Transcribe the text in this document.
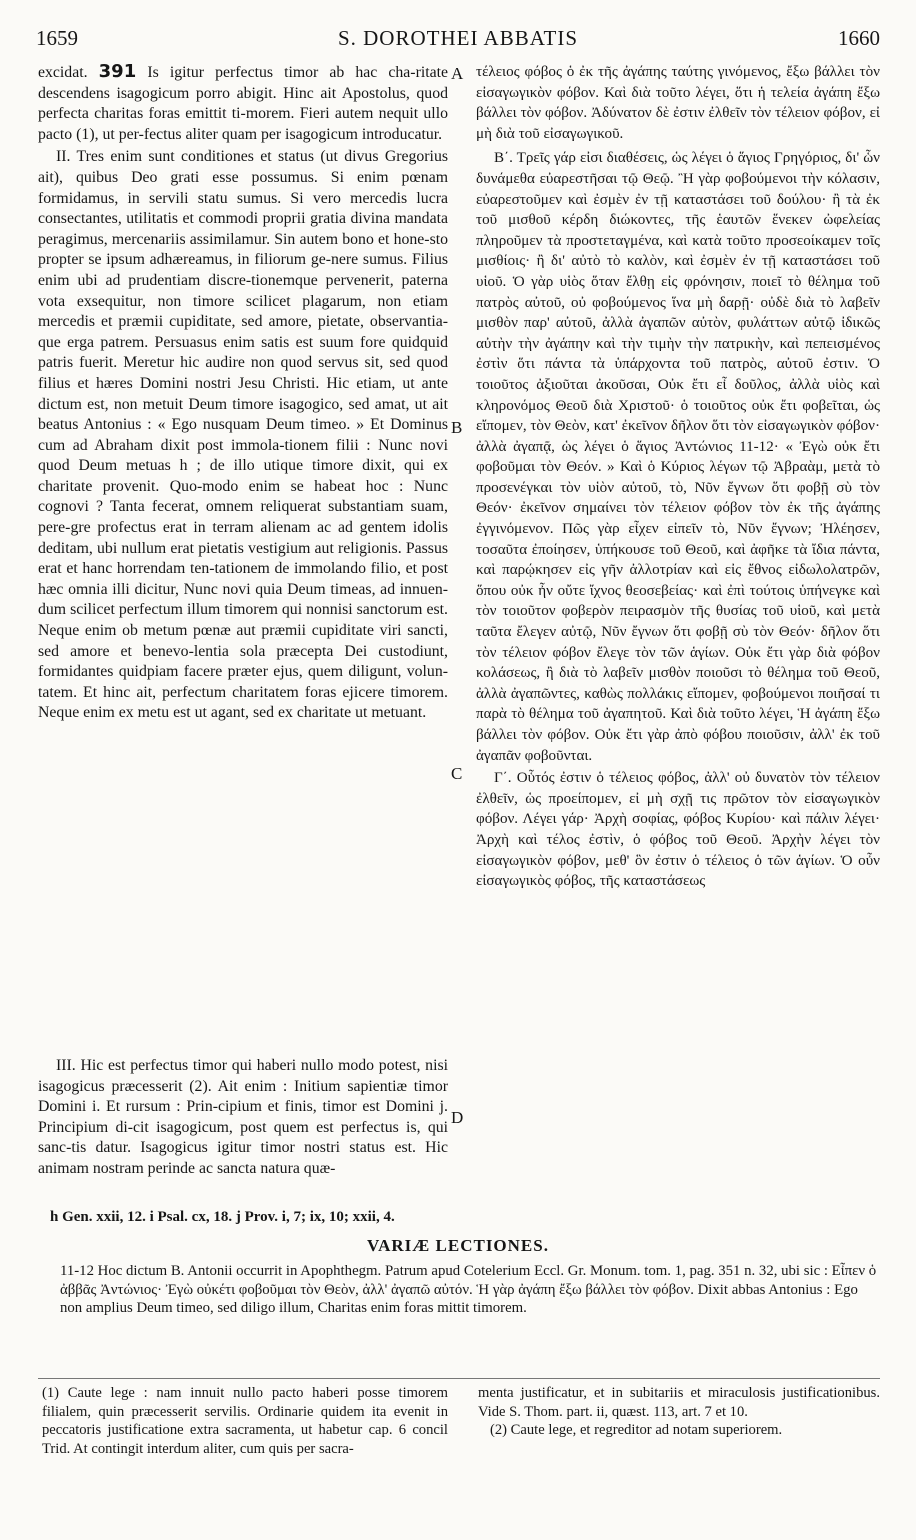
1659	S. DOROTHEI ABBATIS	1660
A
B
C
D

excidat. 391 Is igitur perfectus timor ab hac cha-ritate descendens isagogicum porro abigit. Hinc ait Apostolus, quod perfecta charitas foras emittit ti-morem. Fieri autem nequit ullo pacto (1), ut per-fectus aliter quam per isagogicum introducatur.

II. Tres enim sunt conditiones et status (ut divus Gregorius ait), quibus Deo grati esse possumus. Si enim pœnam formidamus, in servili statu sumus. Si vero mercedis lucra consectantes, utilitatis et commodi proprii gratia divina mandata peragimus, mercenariis assimilamur. Sin autem bono et hone-sto propter se ipsum adhæreamus, in filiorum ge-nere sumus. Filius enim ubi ad prudentiam discre-tionemque pervenerit, paterna vota exsequitur, non timore scilicet plagarum, non etiam mercedis et præmii cupiditate, sed amore, pietate, observantia-que erga patrem. Persuasus enim satis est suum fore quidquid patris fuerit. Meretur hic audire non quod servus sit, sed quod filius et hæres Domini nostri Jesu Christi. Hic etiam, ut ante dictum est, non metuit Deum timore isagogico, sed amat, ut ait beatus Antonius : « Ego nusquam Deum timeo. » Et Dominus cum ad Abraham dixit post immola-tionem filii : Nunc novi quod Deum metuas h ; de illo utique timore dixit, qui ex charitate provenit. Quo-modo enim se habeat hoc : Nunc cognovi ? Tanta fecerat, omnem reliquerat substantiam suam, pere-gre profectus erat in terram alienam ac ad gentem idolis deditam, ubi nullum erat pietatis vestigium aut religionis. Passus erat et hanc horrendam ten-tationem de immolando filio, et post hæc omnia illi dicitur, Nunc novi quia Deum timeas, ad innuen-dum scilicet perfectum illum timorem qui nonnisi sanctorum est. Neque enim ob metum pœnæ aut præmii cupiditate viri sancti, sed amore et benevo-lentia sola præcepta Dei custodiunt, formidantes quidpiam facere præter ejus, quem diligunt, volun-tatem. Et hinc ait, perfectum charitatem foras ejicere timorem. Neque enim ex metu est ut agant, sed ex charitate ut metuant.

III. Hic est perfectus timor qui haberi nullo modo potest, nisi isagogicus præcesserit (2). Ait enim : Initium sapientiæ timor Domini i. Et rursum : Prin-cipium et finis, timor est Domini j. Principium di-cit isagogicum, post quem est perfectus is, qui sanc-tis datur. Isagogicus igitur timor nostri status est. Hic animam nostram perinde ac sancta natura quæ-

τέλειος φόβος ὁ ἐκ τῆς ἀγάπης ταύτης γινόμενος, ἔξω βάλλει τὸν εἰσαγωγικὸν φόβον. Καὶ διὰ τοῦτο λέγει, ὅτι ἡ τελεία ἀγάπη ἔξω βάλλει τὸν φόβον. Ἀδύνατον δὲ ἐστιν ἐλθεῖν τὸν τέλειον φόβον, εἰ μὴ διὰ τοῦ εἰσαγωγικοῦ.

Β΄. Τρεῖς γάρ εἰσι διαθέσεις, ὡς λέγει ὁ ἅγιος Γρηγόριος, δι' ὧν δυνάμεθα εὐαρεστῆσαι τῷ Θεῷ. Ἢ γὰρ φοβούμενοι τὴν κόλασιν, εὐαρεστοῦμεν καὶ ἐσμὲν ἐν τῇ καταστάσει τοῦ δούλου· ἢ τὰ ἐκ τοῦ μισθοῦ κέρδη διώκοντες, τῆς ἑαυτῶν ἕνεκεν ὠφελείας πληροῦμεν τὰ προστεταγμένα, καὶ κατὰ τοῦτο προσεοίκαμεν τοῖς μισθίοις· ἢ δι' αὐτὸ τὸ καλὸν, καὶ ἐσμὲν ἐν τῇ καταστάσει τοῦ υἱοῦ. Ὁ γὰρ υἱὸς ὅταν ἔλθῃ εἰς φρόνησιν, ποιεῖ τὸ θέλημα τοῦ πατρὸς αὐτοῦ, οὐ φοβούμενος ἵνα μὴ δαρῇ· οὐδὲ διὰ τὸ λαβεῖν μισθὸν παρ' αὐτοῦ, ἀλλὰ ἀγαπῶν αὐτὸν, φυλάττων αὐτῷ ἰδικῶς αὐτὴν τὴν ἀγάπην καὶ τὴν τιμὴν τὴν πατρικὴν, καὶ πεπεισμένος ἐστὶν ὅτι πάντα τὰ ὑπάρχοντα τοῦ πατρὸς, αὐτοῦ ἐστιν. Ὁ τοιοῦτος ἀξιοῦται ἀκοῦσαι, Οὐκ ἔτι εἶ δοῦλος, ἀλλὰ υἱὸς καὶ κληρονόμος Θεοῦ διὰ Χριστοῦ· ὁ τοιοῦτος οὐκ ἔτι φοβεῖται, ὡς εἴπομεν, τὸν Θεὸν, κατ' ἐκεῖνον δῆλον ὅτι τὸν εἰσαγωγικὸν φόβον· ἀλλὰ ἀγαπᾷ, ὡς λέγει ὁ ἅγιος Ἀντώνιος 11-12· « Ἐγὼ οὐκ ἔτι φοβοῦμαι τὸν Θεόν. » Καὶ ὁ Κύριος λέγων τῷ Ἀβραὰμ, μετὰ τὸ προσενέγκαι τὸν υἱὸν αὐτοῦ, τὸ, Νῦν ἔγνων ὅτι φοβῇ σὺ τὸν Θεόν· ἐκεῖνον σημαίνει τὸν τέλειον φόβον τὸν ἐκ τῆς ἀγάπης ἐγγινόμενον. Πῶς γὰρ εἶχεν εἰπεῖν τὸ, Νῦν ἔγνων; Ἠλέησεν, τοσαῦτα ἐποίησεν, ὑπήκουσε τοῦ Θεοῦ, καὶ ἀφῆκε τὰ ἴδια πάντα, καὶ παρῴκησεν εἰς γῆν ἀλλοτρίαν καὶ εἰς ἔθνος εἰδωλολατρῶν, ὅπου οὐκ ἦν οὔτε ἴχνος θεοσεβείας· καὶ ἐπὶ τούτοις ὑπήνεγκε καὶ τὸν τοιοῦτον φοβερὸν πειρασμὸν τῆς θυσίας τοῦ υἱοῦ, καὶ μετὰ ταῦτα ἔλεγεν αὐτῷ, Νῦν ἔγνων ὅτι φοβῇ σὺ τὸν Θεόν· δῆλον ὅτι τὸν τέλειον φόβον ἔλεγε τὸν τῶν ἁγίων. Οὐκ ἔτι γὰρ διὰ φόβον κολάσεως, ἢ διὰ τὸ λαβεῖν μισθὸν ποιοῦσι τὸ θέλημα τοῦ Θεοῦ, ἀλλὰ ἀγαπῶντες, καθὼς πολλάκις εἴπομεν, φοβούμενοι ποιῆσαί τι παρὰ τὸ θέλημα τοῦ ἀγαπητοῦ. Καὶ διὰ τοῦτο λέγει, Ἡ ἀγάπη ἔξω βάλλει τὸν φόβον. Οὐκ ἔτι γὰρ ἀπὸ φόβου ποιοῦσιν, ἀλλ' ἐκ τοῦ ἀγαπᾶν φοβοῦνται.

Γ΄. Οὗτός ἐστιν ὁ τέλειος φόβος, ἀλλ' οὐ δυνατὸν τὸν τέλειον ἐλθεῖν, ὡς προείπομεν, εἰ μὴ σχῇ τις πρῶτον τὸν εἰσαγωγικὸν φόβον. Λέγει γάρ· Ἀρχὴ σοφίας, φόβος Κυρίου· καὶ πάλιν λέγει· Ἀρχὴ καὶ τέλος ἐστὶν, ὁ φόβος τοῦ Θεοῦ. Ἀρχὴν λέγει τὸν εἰσαγωγικὸν φόβον, μεθ' ὃν ἐστιν ὁ τέλειος ὁ τῶν ἁγίων. Ὁ οὖν εἰσαγωγικὸς φόβος, τῆς καταστάσεως

h Gen. xxii, 12. i Psal. cx, 18. j Prov. i, 7; ix, 10; xxii, 4.
VARIÆ LECTIONES.
11-12 Hoc dictum B. Antonii occurrit in Apophthegm. Patrum apud Cotelerium Eccl. Gr. Monum. tom. 1, pag. 351 n. 32, ubi sic : Εἶπεν ὁ ἀββᾶς Ἀντώνιος· Ἐγὼ οὐκέτι φοβοῦμαι τὸν Θεὸν, ἀλλ' ἀγαπῶ αὐτόν. Ἡ γὰρ ἀγάπη ἔξω βάλλει τὸν φόβον. Dixit abbas Antonius : Ego non amplius Deum timeo, sed diligo illum, Charitas enim foras mittit timorem.
(1) Caute lege : nam innuit nullo pacto haberi posse timorem filialem, quin præcesserit servilis. Ordinarie quidem ita evenit in peccatoris justificatione extra sacramenta, ut habetur cap. 6 concil Trid. At contingit interdum aliter, cum quis per sacra-

menta justificatur, et in subitariis et miraculosis justificationibus. Vide S. Thom. part. ii, quæst. 113, art. 7 et 10.

(2) Caute lege, et regreditor ad notam superiorem.
